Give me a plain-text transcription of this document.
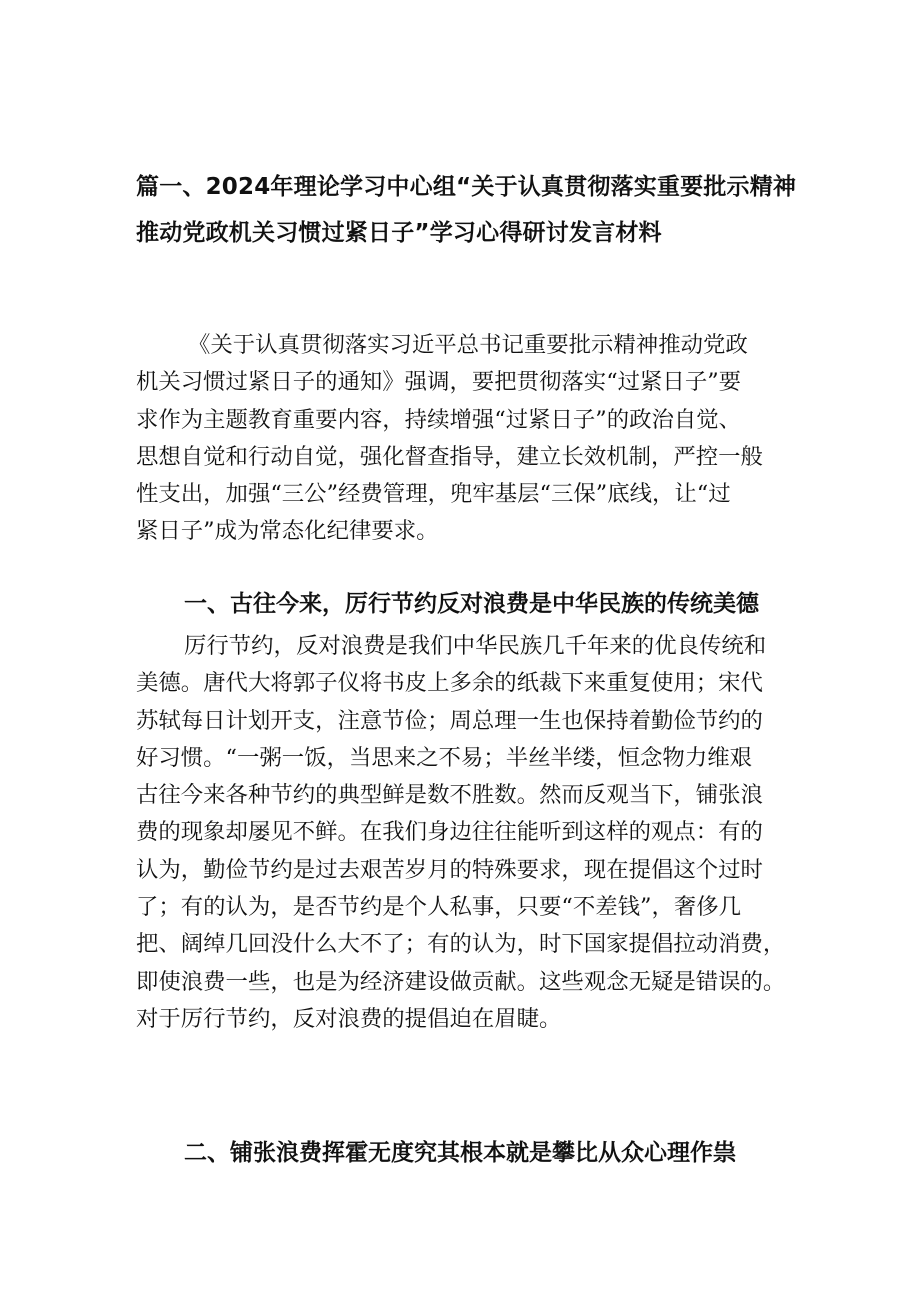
篇一、2024年理论学习中心组“关于认真贯彻落实重要批示精神
推动党政机关习惯过紧日子”学习心得研讨发言材料

《关于认真贯彻落实习近平总书记重要批示精神推动党政
机关习惯过紧日子的通知》强调，要把贯彻落实“过紧日子”要
求作为主题教育重要内容，持续增强“过紧日子”的政治自觉、
思想自觉和行动自觉，强化督查指导，建立长效机制，严控一般
性支出，加强“三公”经费管理，兜牢基层“三保”底线，让“过
紧日子”成为常态化纪律要求。

一、古往今来，厉行节约反对浪费是中华民族的传统美德

厉行节约，反对浪费是我们中华民族几千年来的优良传统和
美德。唐代大将郭子仪将书皮上多余的纸裁下来重复使用；宋代
苏轼每日计划开支，注意节俭；周总理一生也保持着勤俭节约的
好习惯。“一粥一饭，当思来之不易；半丝半缕，恒念物力维艰
古往今来各种节约的典型鲜是数不胜数。然而反观当下，铺张浪
费的现象却屡见不鲜。在我们身边往往能听到这样的观点：有的
认为，勤俭节约是过去艰苦岁月的特殊要求，现在提倡这个过时
了；有的认为，是否节约是个人私事，只要“不差钱”，奢侈几
把、阔绰几回没什么大不了；有的认为，时下国家提倡拉动消费，
即使浪费一些，也是为经济建设做贡献。这些观念无疑是错误的。
对于厉行节约，反对浪费的提倡迫在眉睫。

二、铺张浪费挥霍无度究其根本就是攀比从众心理作祟
